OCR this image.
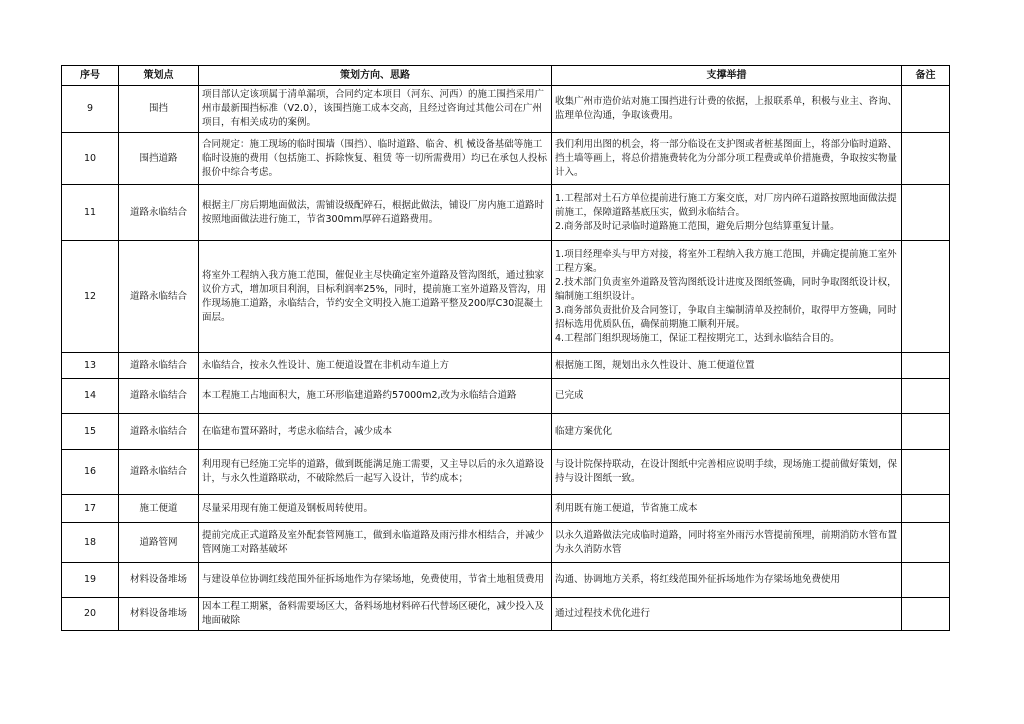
序号	策划点	策划方向、思路	支撑举措	备注
9	围挡	项目部认定该项属于清单漏项，合同约定本项目（河东、河西）的施工围挡采用广州市最新围挡标准（V2.0），该围挡施工成本交高，且经过咨询过其他公司在广州项目，有相关成功的案例。	收集广州市造价站对施工围挡进行计费的依据，上报联系单，积极与业主、咨询、监理单位沟通，争取该费用。	
10	围挡道路	合同规定：施工现场的临时围墙（围挡）、临时道路、临舍、机 械设备基础等施工临时设施的费用（包括施工、拆除恢复、租赁 等一切所需费用）均已在承包人投标报价中综合考虑。	我们利用出图的机会，将一部分临设在支护图或者桩基图面上，将部分临时道路、挡土墙等画上，将总价措施费转化为分部分项工程费或单价措施费，争取按实物量计入。	
11	道路永临结合	根据主厂房后期地面做法，需铺设级配碎石，根据此做法，铺设厂房内施工道路时按照地面做法进行施工，节省300mm厚碎石道路费用。	1.工程部对土石方单位提前进行施工方案交底，对厂房内碎石道路按照地面做法提前施工，保障道路基底压实，做到永临结合。
2.商务部及时记录临时道路施工范围，避免后期分包结算重复计量。	
12	道路永临结合	将室外工程纳入我方施工范围，催促业主尽快确定室外道路及管沟图纸，通过独家议价方式，增加项目利润，目标利润率25%，同时，提前施工室外道路及管沟，用作现场施工道路，永临结合，节约安全文明投入施工道路平整及200厚C30混凝土面层。	1.项目经理牵头与甲方对接，将室外工程纳入我方施工范围，并确定提前施工室外工程方案。
2.技术部门负责室外道路及管沟图纸设计进度及图纸签确，同时争取图纸设计权，编制施工组织设计。
3.商务部负责批价及合同签订，争取自主编制清单及控制价，取得甲方签确，同时招标选用优质队伍，确保前期施工顺利开展。
4.工程部门组织现场施工，保证工程按期完工，达到永临结合目的。	
13	道路永临结合	永临结合，按永久性设计、施工便道设置在非机动车道上方	根据施工图，规划出永久性设计、施工便道位置	
14	道路永临结合	本工程施工占地面积大，施工环形临建道路约57000m2,改为永临结合道路	已完成	
15	道路永临结合	在临建布置环路时，考虑永临结合，减少成本	临建方案优化	
16	道路永临结合	利用现有已经施工完毕的道路，做到既能满足施工需要，又主导以后的永久道路设计，与永久性道路联动，不破除然后一起写入设计，节约成本；	与设计院保持联动，在设计图纸中完善相应说明手续，现场施工提前做好策划，保持与设计图纸一致。	
17	施工便道	尽量采用现有施工便道及钢板周转使用。	利用既有施工便道，节省施工成本	
18	道路管网	提前完成正式道路及室外配套管网施工，做到永临道路及雨污排水相结合，并减少管网施工对路基破坏	以永久道路做法完成临时道路，同时将室外雨污水管提前预埋，前期消防水管布置为永久消防水管	
19	材料设备堆场	与建设单位协调红线范围外征拆场地作为存梁场地，免费使用，节省土地租赁费用	沟通、协调地方关系，将红线范围外征拆场地作为存梁场地免费使用	
20	材料设备堆场	因本工程工期紧，备料需要场区大，备料场地材料碎石代替场区硬化，减少投入及地面破除	通过过程技术优化进行	
